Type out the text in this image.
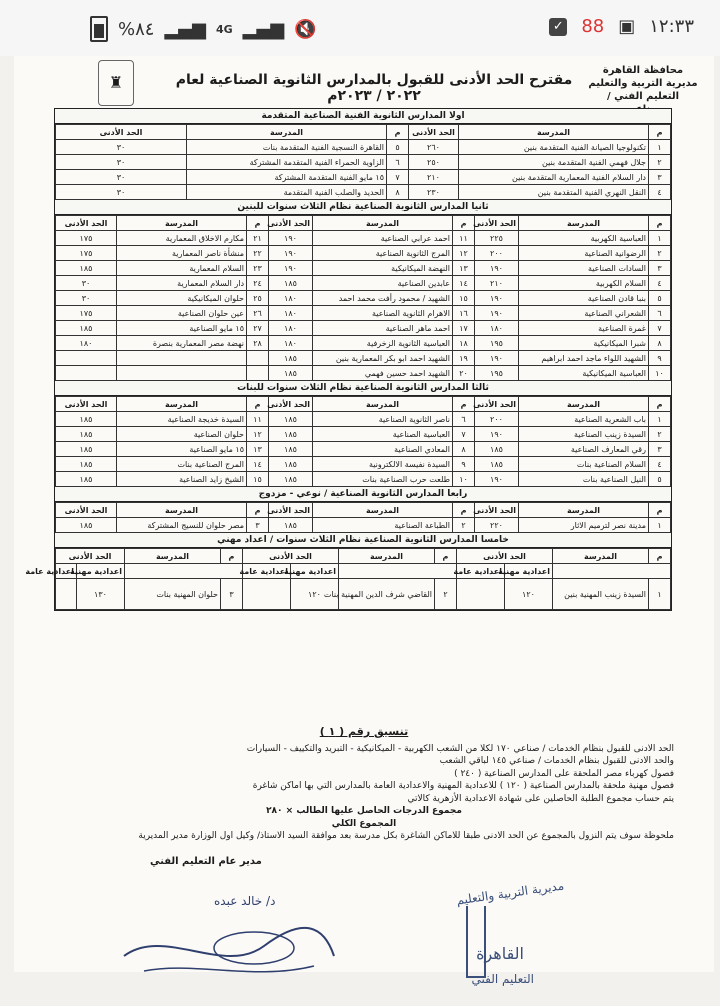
%٨٤ ▂▄▆ 4G ▂▄▆ 🔇	✓ 88 ▣ ١٢:٣٣
محافظة القاهرة
مديرية التربية والتعليم
التعليم الفني /
♜	مقترح الحد الأدنى للقبول بالمدارس الثانوية الصناعية لعام ٢٠٢٢ / ٢٠٢٣م
اولا المدارس الثانوية الفنية الصناعية المتقدمة
م	المدرسة	الحد الأدنى	م	المدرسة	الحد الأدنى
١	تكنولوجيا الصيانة الفنية المتقدمة بنين	٢٦٠	٥	القاهرة النسجية الفنية المتقدمة بنات	٣٠
٢	جلال فهمي الفنية المتقدمة بنين	٢٥٠	٦	الزاوية الحمراء الفنية المتقدمة المشتركة	٣٠
٣	دار السلام الفنية المعمارية المتقدمة بنين	٢١٠	٧	١٥ مايو الفنية المتقدمة المشتركة	٣٠
٤	النقل النهري الفنية المتقدمة بنين	٢٣٠	٨	الحديد والصلب الفنية المتقدمة	٣٠
ثانيا المدارس الثانوية الصناعية نظام الثلاث سنوات للبنين
م	المدرسة	الحد الأدنى	م	المدرسة	الحد الأدنى	م	المدرسة	الحد الأدنى
١	العباسية الكهربية	٢٢٥	١١	احمد عرابي الصناعية	١٩٠	٢١	مكارم الاخلاق المعمارية	١٧٥
٢	الرضوانية الصناعية	٢٠٠	١٢	المرج الثانوية الصناعية	١٩٠	٢٢	منشأة ناصر المعمارية	١٧٥
٣	السادات الصناعية	١٩٠	١٣	النهضة الميكانيكية	١٩٠	٢٣	السلام المعمارية	١٨٥
٤	السلام الكهربية	٢١٠	١٤	عابدين الصناعية	١٨٥	٢٤	دار السلام المعمارية	٣٠
٥	بنبا قادن الصناعية	١٩٠	١٥	الشهيد / محمود رأفت محمد احمد	١٨٠	٢٥	حلوان الميكانيكية	٣٠
٦	الشعراني الصناعية	١٩٠	١٦	الاهرام الثانوية الصناعية	١٨٠	٢٦	عين حلوان الصناعية	١٧٥
٧	غمرة الصناعية	١٨٠	١٧	احمد ماهر الصناعية	١٨٠	٢٧	١٥ مايو الصناعية	١٨٥
٨	شبرا الميكانيكية	١٩٥	١٨	العباسية الثانوية الزخرفية	١٨٠	٢٨	نهضة مصر المعمارية بنصرة	١٨٠
٩	الشهيد اللواء ماجد احمد ابراهيم	١٩٠	١٩	الشهيد احمد ابو بكر المعمارية بنين	١٨٥			
١٠	العباسية الميكانيكية	١٩٥	٢٠	الشهيد احمد حسين فهمي	١٨٥			
ثالثا المدارس الثانوية الصناعية نظام الثلاث سنوات للبنات
م	المدرسة	الحد الأدنى	م	المدرسة	الحد الأدنى	م	المدرسة	الحد الأدنى
١	باب الشعرية الصناعية	٢٠٠	٦	ناصر الثانوية الصناعية	١٨٥	١١	السيدة خديجة الصناعية	١٨٥
٢	السيدة زينب الصناعية	١٩٠	٧	العباسية الصناعية	١٨٥	١٢	حلوان الصناعية	١٨٥
٣	رقي المعارف الصناعية	١٨٥	٨	المعادي الصناعية	١٨٥	١٣	١٥ مايو الصناعية	١٨٥
٤	السلام الصناعية بنات	١٨٥	٩	السيدة نفيسة الالكترونية	١٨٥	١٤	المرج الصناعية بنات	١٨٥
٥	النيل الصناعية بنات	١٩٠	١٠	طلعت حرب الصناعية بنات	١٨٥	١٥	الشيخ زايد الصناعية	١٨٥
رابعا المدارس الثانوية الصناعية / نوعي - مزدوج
م	المدرسة	الحد الأدنى	م	المدرسة	الحد الأدنى	م	المدرسة	الحد الأدنى
١	مدينة نصر لترميم الاثار	٢٢٠	٢	الطباعة الصناعية	١٨٥	٣	مصر حلوان للنسيج المشتركة	١٨٥
خامسا المدارس الثانوية الصناعية نظام الثلاث سنوات / اعداد مهني
م	المدرسة	الحد الأدنى		م	المدرسة	الحد الأدنى		م	المدرسة	الحد الأدنى	
		اعدادية مهنية	اعدادية عامة			اعدادية مهنية	اعدادية عامة			اعدادية مهنية	اعدادية عامة
١	السيدة زينب المهنية بنين	١٢٠		٢	القاضي شرف الدين المهنية بنات	١٢٠		٣	حلوان المهنية بنات	١٣٠	
تنسيق رقم ( ١ )

الحد الادنى للقبول بنظام الخدمات / صناعي ١٧٠ لكلا من الشعب الكهربية - الميكانيكية - التبريد والتكييف - السيارات

والحد الادنى للقبول بنظام الخدمات / صناعي ١٤٥ لباقي الشعب

فصول كهرباء مصر الملحقة على المدارس الصناعية ( ٢٤٠ )

فصول مهنية ملحقة بالمدارس الصناعية ( ١٢٠ ) للاعدادية المهنية والاعدادية العامة بالمدارس التي بها اماكن شاغرة

يتم حساب مجموع الطلبة الحاصلين على شهادة الاعدادية الأزهرية كالاتي

مجموع الدرجات الحاصل عليها الطالب × ٢٨٠

المجموع الكلي

ملحوظة سوف يتم النزول بالمجموع عن الحد الادنى طبقا للاماكن الشاغرة بكل مدرسة بعد موافقة السيد الاستاذ/ وكيل اول الوزارة مدير المديرية

مدير عام التعليم الفني
د/ خالد عبده	مديرية التربية والتعليم
القاهرة
التعليم الفني
